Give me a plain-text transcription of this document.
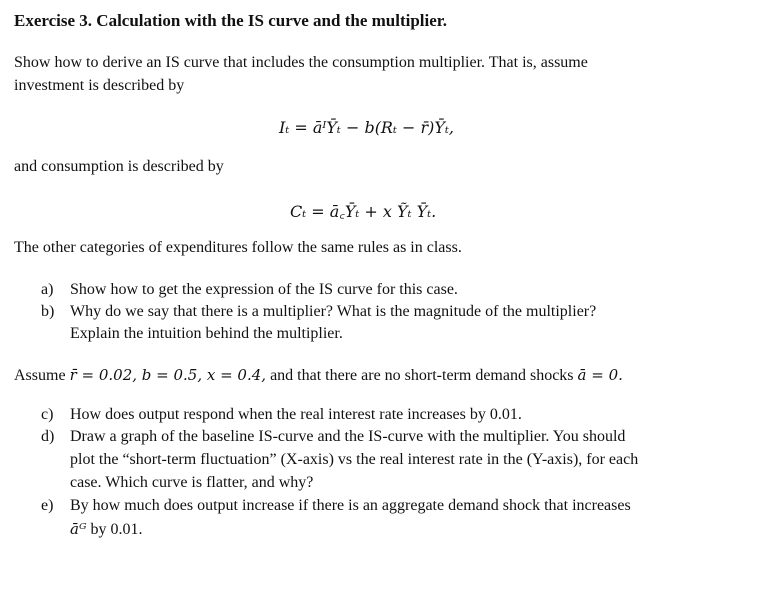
Exercise 3. Calculation with the IS curve and the multiplier.
Show how to derive an IS curve that includes the consumption multiplier. That is, assume
investment is described by
Iₜ = āᴵȲₜ − b(Rₜ − r̄)Ȳₜ,
and consumption is described by
Cₜ = ā꜀Ȳₜ + x Ỹₜ Ȳₜ.
The other categories of expenditures follow the same rules as in class.
a) Show how to get the expression of the IS curve for this case.
b) Why do we say that there is a multiplier? What is the magnitude of the multiplier?
Explain the intuition behind the multiplier.
Assume r̄ = 0.02, b = 0.5, x = 0.4, and that there are no short-term demand shocks ā = 0.
c) How does output respond when the real interest rate increases by 0.01.
d) Draw a graph of the baseline IS-curve and the IS-curve with the multiplier. You should
plot the “short-term fluctuation” (X-axis) vs the real interest rate in the (Y-axis), for each
case. Which curve is flatter, and why?
e) By how much does output increase if there is an aggregate demand shock that increases
āᴳ by 0.01.
